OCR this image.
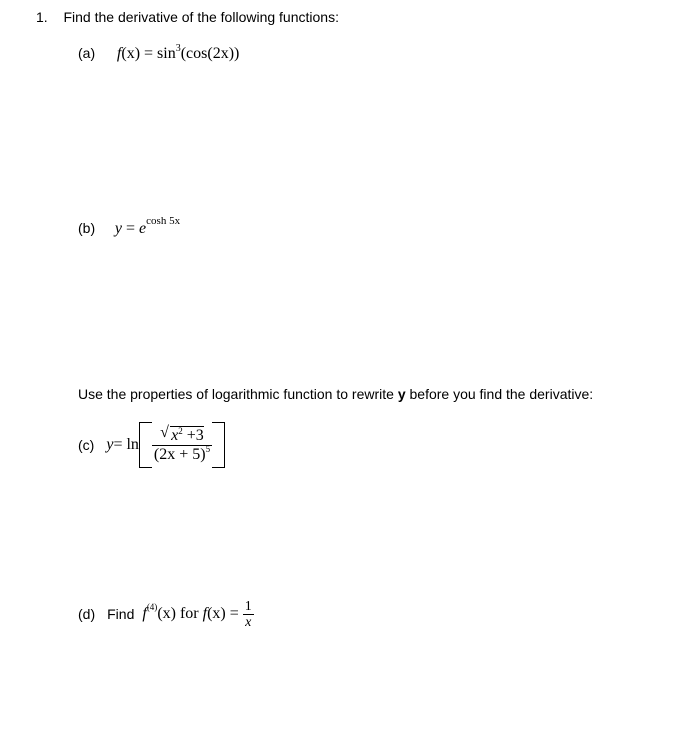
1. Find the derivative of the following functions:
(a) $f(x) = \sin^3(\cos(2x))$
(b) $y = e^{cosh 5x}$
Use the properties of logarithmic function to rewrite y before you find the derivative:
(c) y = ln
√ $\frac{x^2 +3}{(2x + 5)^5}$
(d) Find f (4) (x) for f $(x) = \frac{1}{x}$
